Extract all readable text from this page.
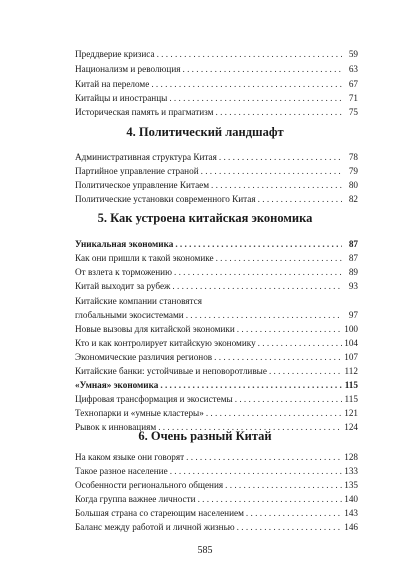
Преддверие кризиса . . .	59
Национализм и революция . . .	63
Китай на переломе . . .	67
Китайцы и иностранцы . . .	71
Историческая память и прагматизм . . .	75
4. Политический ландшафт
Административная структура Китая . . .	78
Партийное управление страной . . .	79
Политическое управление Китаем . . .	80
Политические установки современного Китая . . .	82
5. Как устроена китайская экономика
Уникальная экономика . . .	87
Как они пришли к такой экономике . . .	87
От взлета к торможению . . .	89
Китай выходит за рубеж . . .	93
Китайские компании становятся
глобальными экосистемами . . .	97
Новые вызовы для китайской экономики . . .	100
Кто и как контролирует китайскую экономику . . .	104
Экономические различия регионов . . .	107
Китайские банки: устойчивые и неповоротливые . . .	112
«Умная» экономика . . .	115
Цифровая трансформация и экосистемы . . .	115
Технопарки и «умные кластеры» . . .	121
Рывок к инновациям . . .	124
6. Очень разный Китай
На каком языке они говорят . . .	128
Такое разное население . . .	133
Особенности регионального общения . . .	135
Когда группа важнее личности . . .	140
Большая страна со стареющим населением . . .	143
Баланс между работой и личной жизнью . . .	146
585
